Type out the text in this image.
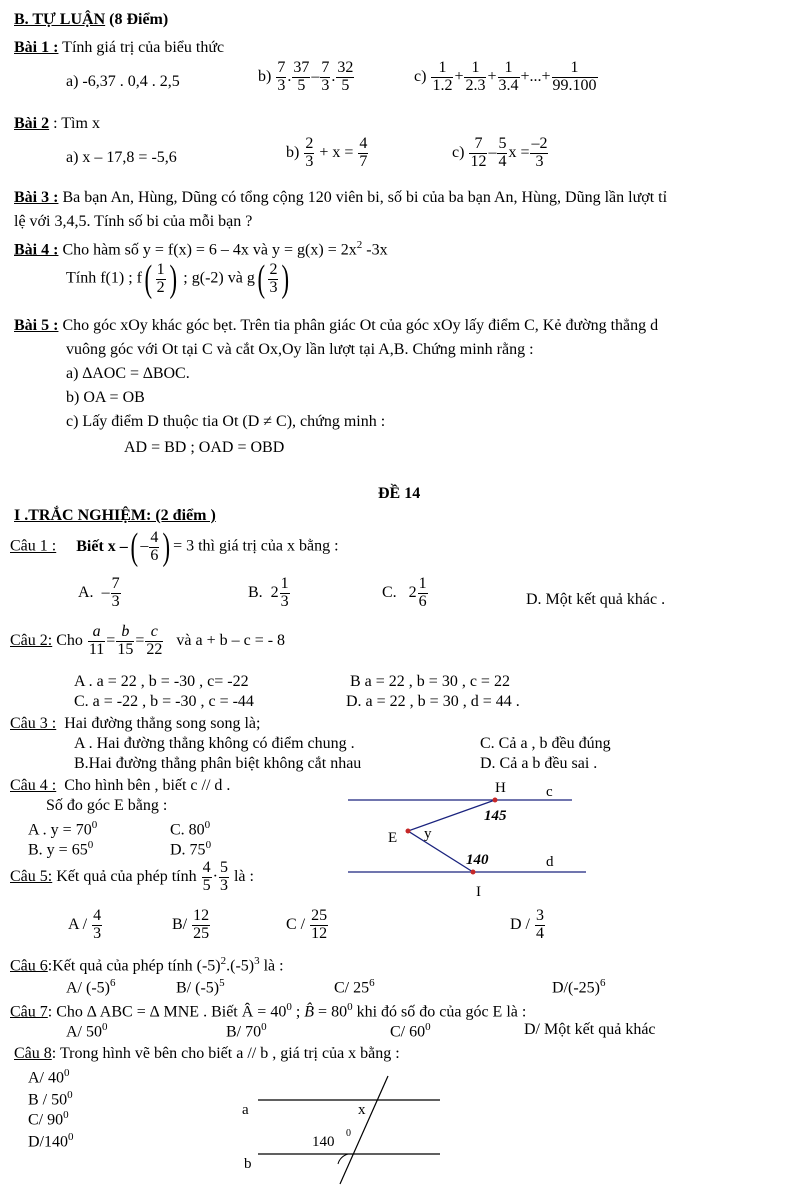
B. TỰ LUẬN (8 Điểm)
Bài 1 : Tính giá trị của biểu thức
a) -6,37 . 0,4 . 2,5	$b) \frac{7}{3}$ . $\frac{37}{5} - \frac{7}{3}$ . $\frac{32}{5}$	$c) \frac{1}{1.2} + \frac{1}{2.3} + \frac{1}{3.4}$ +...+ $\frac{1}{99.100}$
Bài 2 : Tìm x
a) x – 17,8 = -5,6	$b) \frac{2}{3} + x = \frac{4}{7}$	$c) \frac{7}{12} - \frac{5}{4}$ $x = \frac{-2}{3}$
Bài 3 : Ba bạn An, Hùng, Dũng có tổng cộng 120 viên bi, số bi của ba bạn An, Hùng, Dũng lần lượt tỉ
lệ với 3,4,5. Tính số bi của mỗi bạn ?
Bài 4 : Cho hàm số y = f(x) = 6 – 4x và $y = g(x) = 2x^2$ -3x
Tính f(1) ; $f( \frac{1}{2}$ ) ; g(-2) và $g( \frac{2}{3}$ )
Bài 5 : Cho góc xOy khác góc bẹt. Trên tia phân giác Ot của góc xOy lấy điểm C, Kẻ đường thẳng d
vuông góc với Ot tại C và cắt Ox,Oy lần lượt tại A,B. Chứng minh rằng :
a) ∆AOC = ∆BOC.
b) OA = OB
c) Lấy điểm D thuộc tia Ot (D ≠ C), chứng minh :
AD = BD ; OAD = OBD
ĐỀ 14
I .TRẮC NGHIỆM: (2 điểm )
Câu 1 : Biết x –( – $\frac{4}{6}$ ) = 3 thì giá trị của x bằng :
A.  – $\frac{7}{3}$	B. $2 \frac{1}{3}$	C. $2 \frac{1}{6}$	D. Một kết quả khác .
Câu 2: Cho $\frac{a}{11} = \frac{b}{15} = \frac{c}{22}$ và a + b – c = - 8
A . a = 22 , b = -30 , c= -22	B a = 22 , b = 30 , c = 22
C. a = -22 , b = -30 , c = -44	D. a = 22 , b = 30 , d = 44 .
Câu 3 : Hai đường thẳng song song là;
A . Hai đường thẳng không có điểm chung .	C. Cả a , b đều đúng
B.Hai đường thẳng phân biệt không cắt nhau	D. Cả a b đều sai .
Câu 4 : Cho hình bên , biết c // d .
Số đo góc E bằng :
A . $y = 70^0$	C. $80^0$
B. $y = 65^0$	D. $75^0$
H	c
145
E y
140	d
I
Câu 5: Kết quả của phép tính $\frac{4}{5} \cdot \frac{5}{3}$ là :
A / $\frac{4}{3}$	$B/ \frac{12}{25}$	C / $\frac{25}{12}$	D / $\frac{3}{4}$
Câu 6:Kết quả của phép tính $(-5)^2.(-5)^3$ là :
A/ $(-5)^6$	B/ $(-5)^5$	C/ $25^6$	$D/(-25)^6$
Câu 7: Cho ∆ ABC = ∆ MNE . Biết Â = $40^0$ ; B̂ = $80^0$ khi đó số đo của góc E là :
A/ $50^0$	B/ $70^0$	C/ $60^0$	D/ Một kết quả khác
Câu 8: Trong hình vẽ bên cho biết a // b , giá trị của x bằng :
A/ $40^0$
B / $50^0$
C/ $90^0$
$D/140^0$
a	x
140
0
b
